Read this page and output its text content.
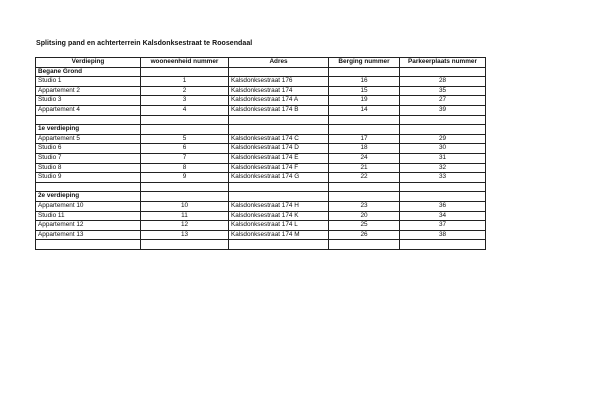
Splitsing pand en achterterrein Kalsdonksestraat te Roosendaal
Verdieping	wooneenheid nummer	Adres	Berging nummer	Parkeerplaats nummer
Begane Grond				
Studio 1	1	Kalsdonksestraat 176	16	28
Appartement 2	2	Kalsdonksestraat 174	15	35
Studio 3	3	Kalsdonksestraat 174 A	19	27
Appartement 4	4	Kalsdonksestraat 174 B	14	39

1e verdieping				
Appartement 5	5	Kalsdonksestraat 174 C	17	29
Studio 6	6	Kalsdonksestraat 174 D	18	30
Studio 7	7	Kalsdonksestraat 174 E	24	31
Studio 8	8	Kalsdonksestraat 174 F	21	32
Studio 9	9	Kalsdonksestraat 174 G	22	33

2e verdieping				
Appartement 10	10	Kalsdonksestraat 174 H	23	36
Studio 11	11	Kalsdonksestraat 174 K	20	34
Appartement 12	12	Kalsdonksestraat 174 L	25	37
Appartement 13	13	Kalsdonksestraat 174 M	26	38
